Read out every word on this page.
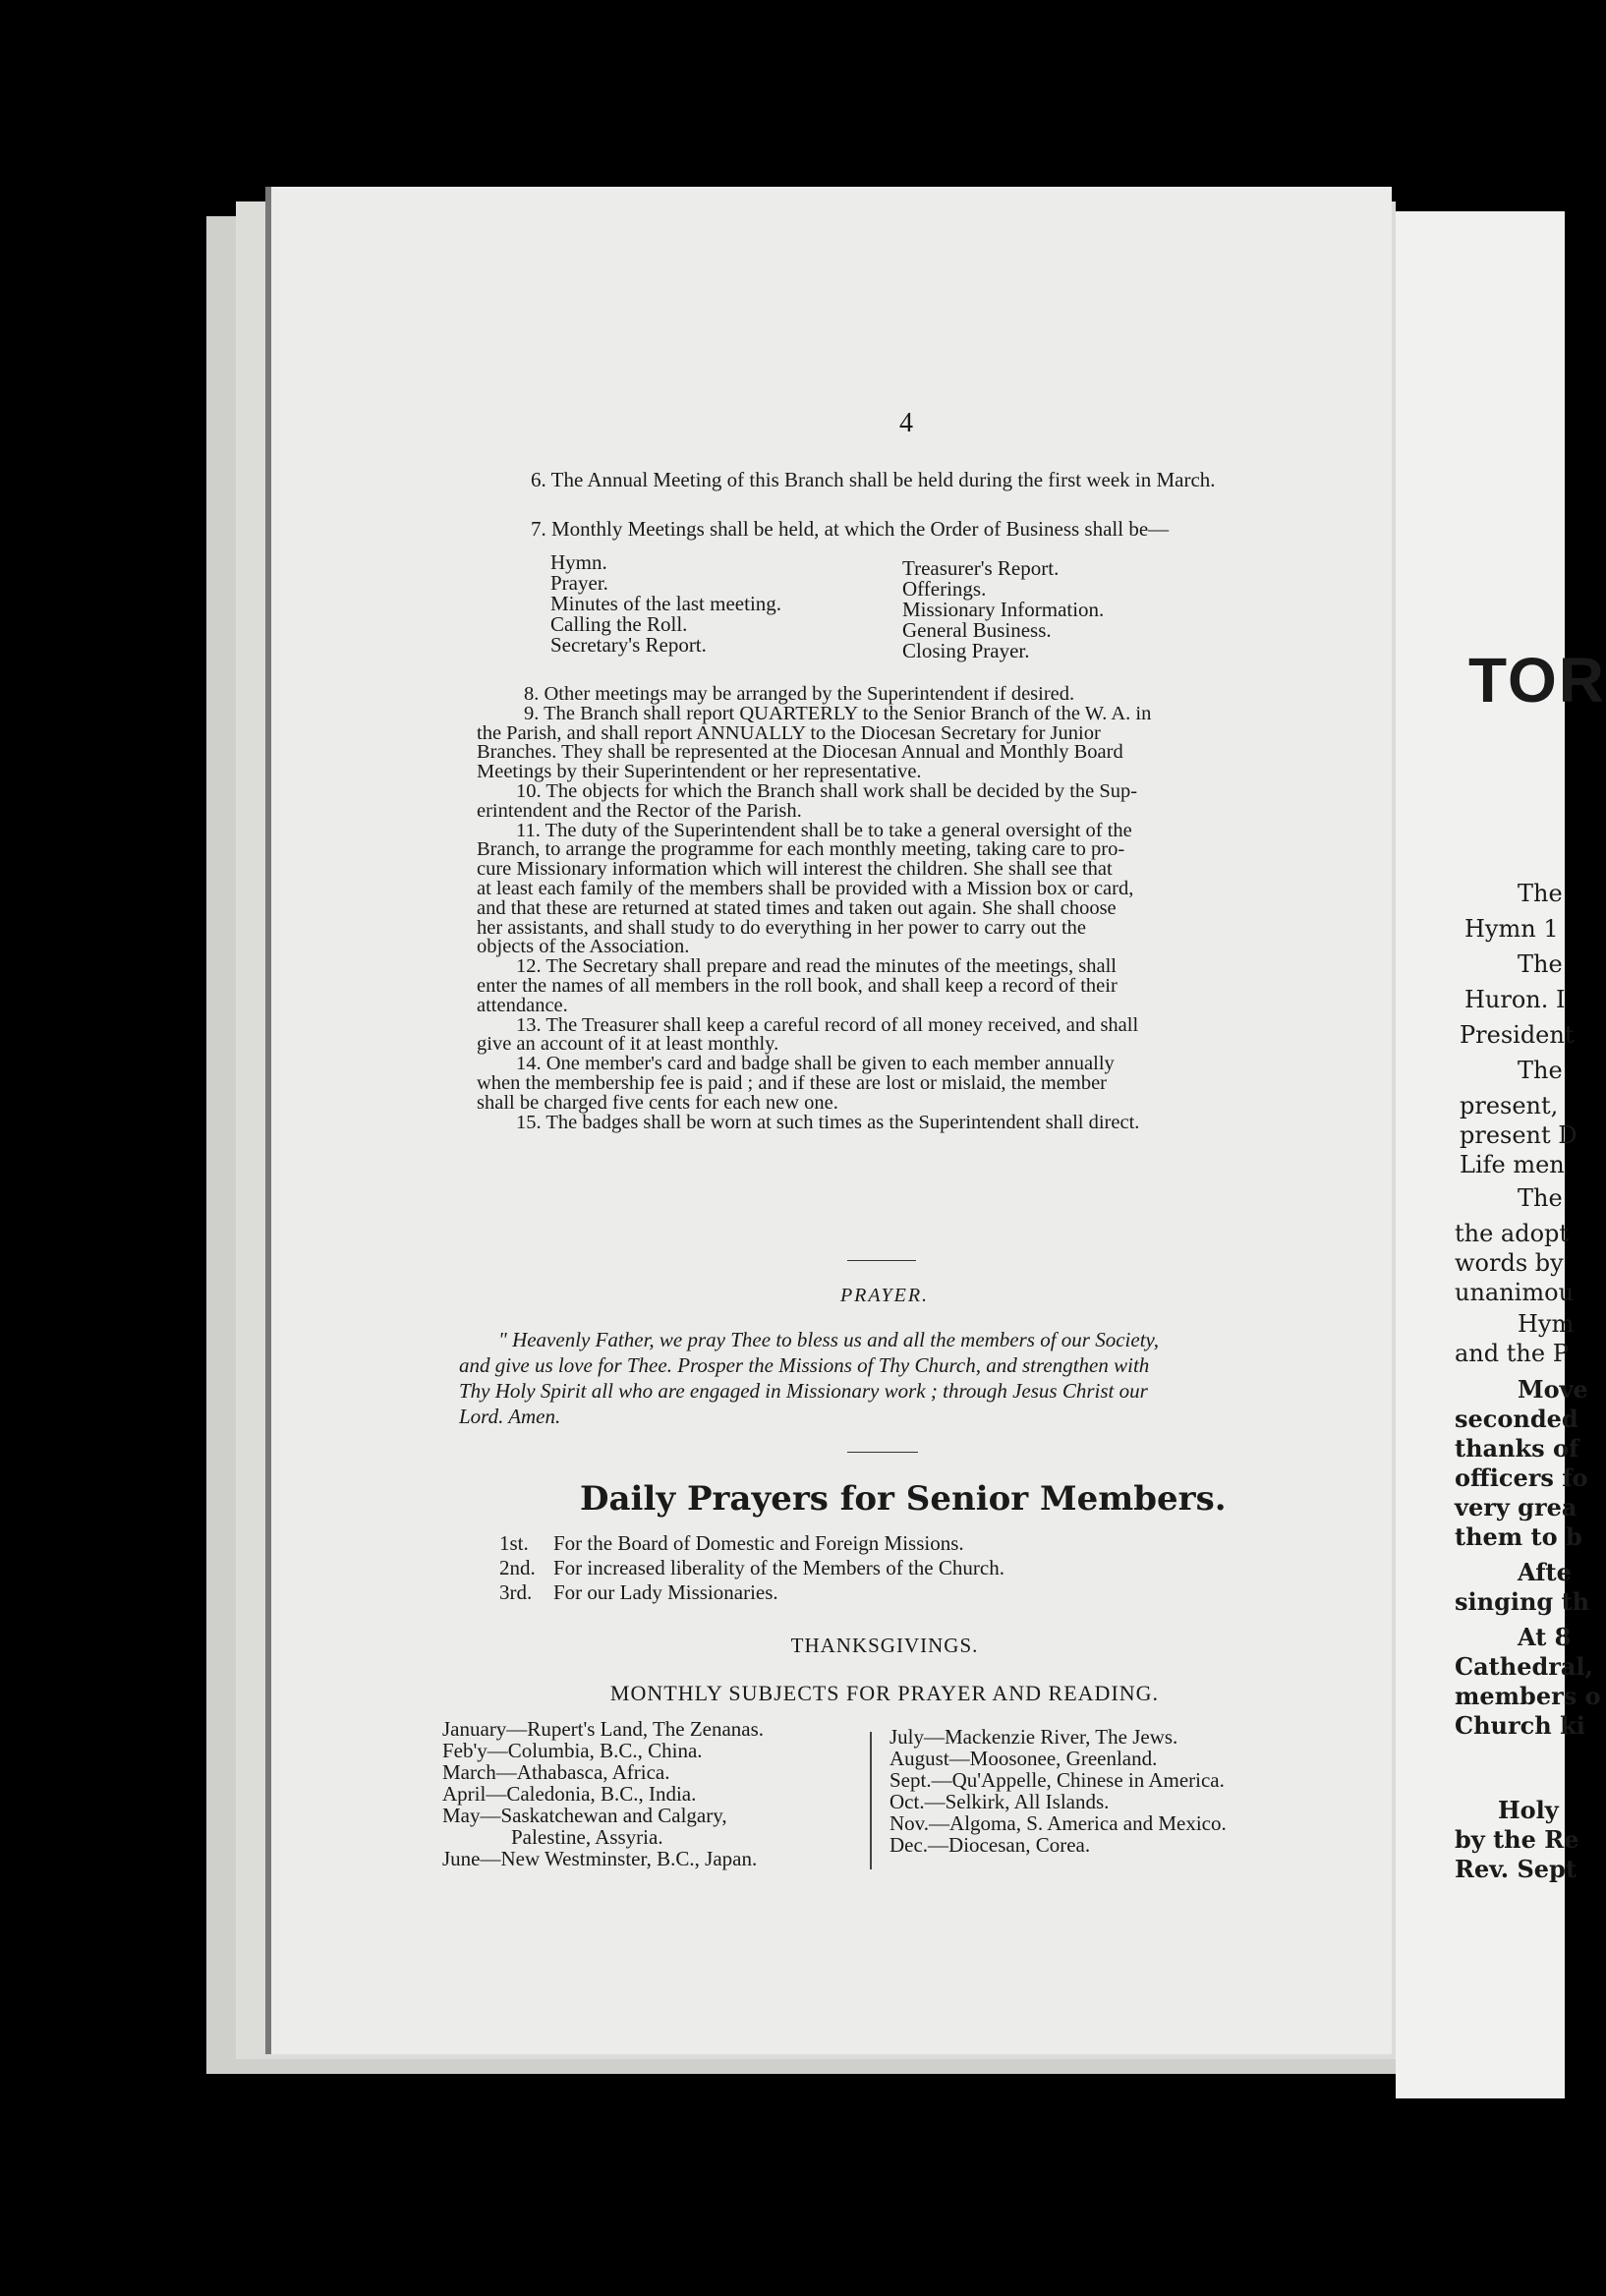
4
6. The Annual Meeting of this Branch shall be held during the first week in March.
7. Monthly Meetings shall be held, at which the Order of Business shall be—
Hymn.
Prayer.
Minutes of the last meeting.
Calling the Roll.
Secretary's Report.
Treasurer's Report.
Offerings.
Missionary Information.
General Business.
Closing Prayer.
8. Other meetings may be arranged by the Superintendent if desired.
9. The Branch shall report QUARTERLY to the Senior Branch of the W. A. in
the Parish, and shall report ANNUALLY to the Diocesan Secretary for Junior
Branches. They shall be represented at the Diocesan Annual and Monthly Board
Meetings by their Superintendent or her representative.
10. The objects for which the Branch shall work shall be decided by the Sup-
erintendent and the Rector of the Parish.
11. The duty of the Superintendent shall be to take a general oversight of the
Branch, to arrange the programme for each monthly meeting, taking care to pro-
cure Missionary information which will interest the children. She shall see that
at least each family of the members shall be provided with a Mission box or card,
and that these are returned at stated times and taken out again. She shall choose
her assistants, and shall study to do everything in her power to carry out the
objects of the Association.
12. The Secretary shall prepare and read the minutes of the meetings, shall
enter the names of all members in the roll book, and shall keep a record of their
attendance.
13. The Treasurer shall keep a careful record of all money received, and shall
give an account of it at least monthly.
14. One member's card and badge shall be given to each member annually
when the membership fee is paid ; and if these are lost or mislaid, the member
shall be charged five cents for each new one.
15. The badges shall be worn at such times as the Superintendent shall direct.
PRAYER.
" Heavenly Father, we pray Thee to bless us and all the members of our Society,
and give us love for Thee. Prosper the Missions of Thy Church, and strengthen with
Thy Holy Spirit all who are engaged in Missionary work ; through Jesus Christ our
Lord. Amen.
Daily Prayers for Senior Members.
1st. For the Board of Domestic and Foreign Missions.
2nd. For increased liberality of the Members of the Church.
3rd. For our Lady Missionaries.
THANKSGIVINGS.
MONTHLY SUBJECTS FOR PRAYER AND READING.
January—Rupert's Land, The Zenanas.
Feb'y—Columbia, B.C., China.
March—Athabasca, Africa.
April—Caledonia, B.C., India.
May—Saskatchewan and Calgary,
Palestine, Assyria.
June—New Westminster, B.C., Japan.
July—Mackenzie River, The Jews.
August—Moosonee, Greenland.
Sept.—Qu'Appelle, Chinese in America.
Oct.—Selkirk, All Islands.
Nov.—Algoma, S. America and Mexico.
Dec.—Diocesan, Corea.
TOR
The
Hymn 1
The
Huron. I
President
The
present,
present D
Life men
The
the adopt
words by
unanimou
Hym
and the P
Move
seconded
thanks of
officers fo
very grea
them to b
Afte
singing th
At 8
Cathedral,
members o
Church ki
Holy
by the Re
Rev. Sept
